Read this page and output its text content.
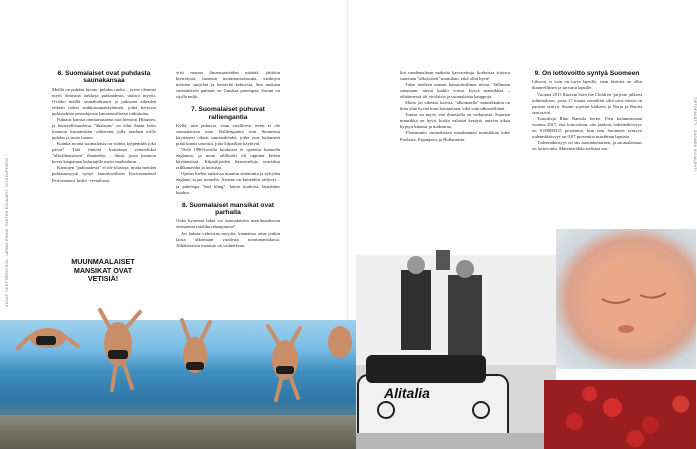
KUVAT: SHUTTERSTOCK, JARMO RINNE, RINTEN KUVAARIT, ISTOCKPHOTO
TIETOPAKETTI · SUOMEN KUVALEHTI
6. Suomalaiset ovat puhdasta saunakansaa

Meillä on puhdas luonto, puhdas ruoka – ja me olemme myös ihmisinä tarkkoja puhtaudesta, uutisoi myytti. Ovatko meillä saunakulttuurit ja julkisten aiheiden etiketti tarkat suihkusaunakäytännöt, jotka kertovat puhtaudesta pesuohjeista kansainvälisesti tutkittuina.

Puhtaus kanssa ominaisuutena taas hienosti Hiltunen, ja hiusteollisuudessa "likaisuus" on ollut ilman koko luonnon kuvaamisen välineenä, jolla saadaan esille puhdas ja tuore luonto.

Kuinka monta suomalaista on valmis kylpemään joka päivä? Tätä ilmiötä kutsutaan esimerkiksi "ulkoilmanaisen" ihanteeksi – ilmiö, jossa luonnon kuvia kaupataan kuluttajille myös matkailuun.

Kansojen "puhtaudesta" ei ole tilastoja, mutta meidän puhtausmyytti syntyi kansainvälisen Environmental Performance Index -vertailussa.

MUUNMAALAISET MANSIKAT OVAT VETISIÄ!

viisi muuna ilmansaasteiden määrää, jättiöön kierrätystä, luonnon monimuotoisuutta, vanhojen metsien suojelua ja kestävää kehitystä. Sen mukaan suomalaisen puhtaus on Tanskaa parempaa, Suomi on sijalla neljä.

7. Suomalaiset puhuvat ralliengantia

Kyllä, niin puhuvat, vaan virallisesti termi ei ole suomalaisten oma. Ralliengantia ovat Suomessa käyttäneet oikeat sanomalehdet, jotka ovat halunneet pitää kiinni sanoista, joita kilpailijat käyttivät.

Vielä 1980-luvulla kouluissa ei opetettu kunnolla englantia, ja moni rallikuski oli oppinut kielen käytännössä. Kilpailijoiden haastatteluja seurattiin rallikanavilta ja uutisista.

Opetus kielen taidoissa muuttui sittemmin ja nykyään englanti sujuu monella. Asenne on kuitenkin säilynyt – ja puhetapa "bad bling", kuten kuuluisa lausahdus kuuluu.

8. Suomalaiset mansikat ovat parhaita

Onko kyseessä fakta vai suomalaisten maailmankuvan omistamat mielikuvahauptuura?

Jos haluaa vahvistaa myyttiä, kannattaa ottaa jonkin laisia ulkomaan vuodesta tuontimansikoita. Alkukesäisin tuotanto on vaihtelevaa.

kin vandemaltaan makeita kasvatettuja, korkeissa sijoissa sanotaan "ulkolaisen" mansikan, eikä ollut hyvä!

Tulee mieleen muuan kansainvälinen reissu: Tallinnan satamaan, missä kaikki voivat kysyä mansikkaa – tähtäimessä oli virolaisia ja suomalaisia kauppoja.

Mutta jos oikeasti kaivaa, "ulkomaalla" mansikkakin on ihan yhtä hyvää kuin kotimainen, eikä vain ulkonäöltään.

Totuus on myös, että ilmastolla on vaikutusta. Suomen mansikka on hyvä, koska valoisat kesäyöt antavat aikaa kypsyä hitaasti ja makeutua.

Yleisimmin suomalaisen maailmanen mansikkaa tulee Puolasta, Espanjasta ja Hollannista.

9. On lottovoitto syntyä Suomeen

Lihuvat ei vain on turva lapsille, vaan historia on ollut ihanteelllinen ja turvattu lapsille.

Vuonna 2015 Ruotsin Save the Children -järjestö julkaisi tutkimuksen, jossa 17 maata vertailtiin siltä osin, missä on parasta syntyä. Suomi sijoittui kärkeen ja Norja ja Ruotsi seurasivat.

Toimittaja Riku Rantala kertoi Ylen kolumnissaan vuonna 2017, että lottovoiton, siis jäädytä, todennäköisyys on 0,00000015 prosenttia, kun taas Suomeen syntyvä todennäköisyys on 0,07 prosenttia maailman lapsista.

Todennäköisyys on siis moninkertainen, ja suomalaisuus on lottovoitto. Matematiikka todistaa sen.

Alitalia
